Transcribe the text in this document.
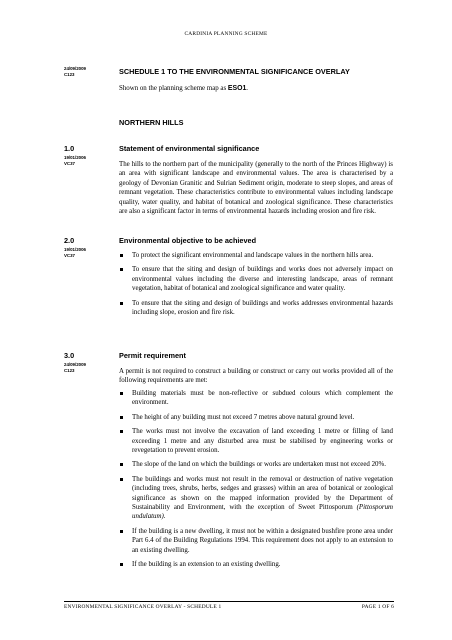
CARDINIA PLANNING SCHEME
24/09/2009
C123	SCHEDULE 1 TO THE ENVIRONMENTAL SIGNIFICANCE OVERLAY
Shown on the planning scheme map as ESO1.
NORTHERN HILLS
1.0	Statement of environmental significance
19/01/2006
VC37	The hills to the northern part of the municipality (generally to the north of the Princes Highway) is an area with significant landscape and environmental values. The area is characterised by a geology of Devonian Granitic and Sulrian Sediment origin, moderate to steep slopes, and areas of remnant vegetation. These characteristics contribute to environmental values including landscape quality, water quality, and habitat of botanical and zoological significance. These characteristics are also a significant factor in terms of environmental hazards including erosion and fire risk.
2.0	Environmental objective to be achieved
19/01/2006
VC37	To protect the significant environmental and landscape values in the northern hills area.
To ensure that the siting and design of buildings and works does not adversely impact on environmental values including the diverse and interesting landscape, areas of remnant vegetation, habitat of botanical and zoological significance and water quality.
To ensure that the siting and design of buildings and works addresses environmental hazards including slope, erosion and fire risk.
3.0	Permit requirement
24/09/2009
C123	A permit is not required to construct a building or construct or carry out works provided all of the following requirements are met:
Building materials must be non-reflective or subdued colours which complement the environment.
The height of any building must not exceed 7 metres above natural ground level.
The works must not involve the excavation of land exceeding 1 metre or filling of land exceeding 1 metre and any disturbed area must be stabilised by engineering works or revegetation to prevent erosion.
The slope of the land on which the buildings or works are undertaken must not exceed 20%.
The buildings and works must not result in the removal or destruction of native vegetation (including trees, shrubs, herbs, sedges and grasses) within an area of botanical or zoological significance as shown on the mapped information provided by the Department of Sustainability and Environment, with the exception of Sweet Pittosporum (Pittosporum undulatum).
If the building is a new dwelling, it must not be within a designated bushfire prone area under Part 6.4 of the Building Regulations 1994. This requirement does not apply to an extension to an existing dwelling.
If the building is an extension to an existing dwelling.
ENVIRONMENTAL SIGNIFICANCE OVERLAY - SCHEDULE 1	PAGE 1 OF 6
